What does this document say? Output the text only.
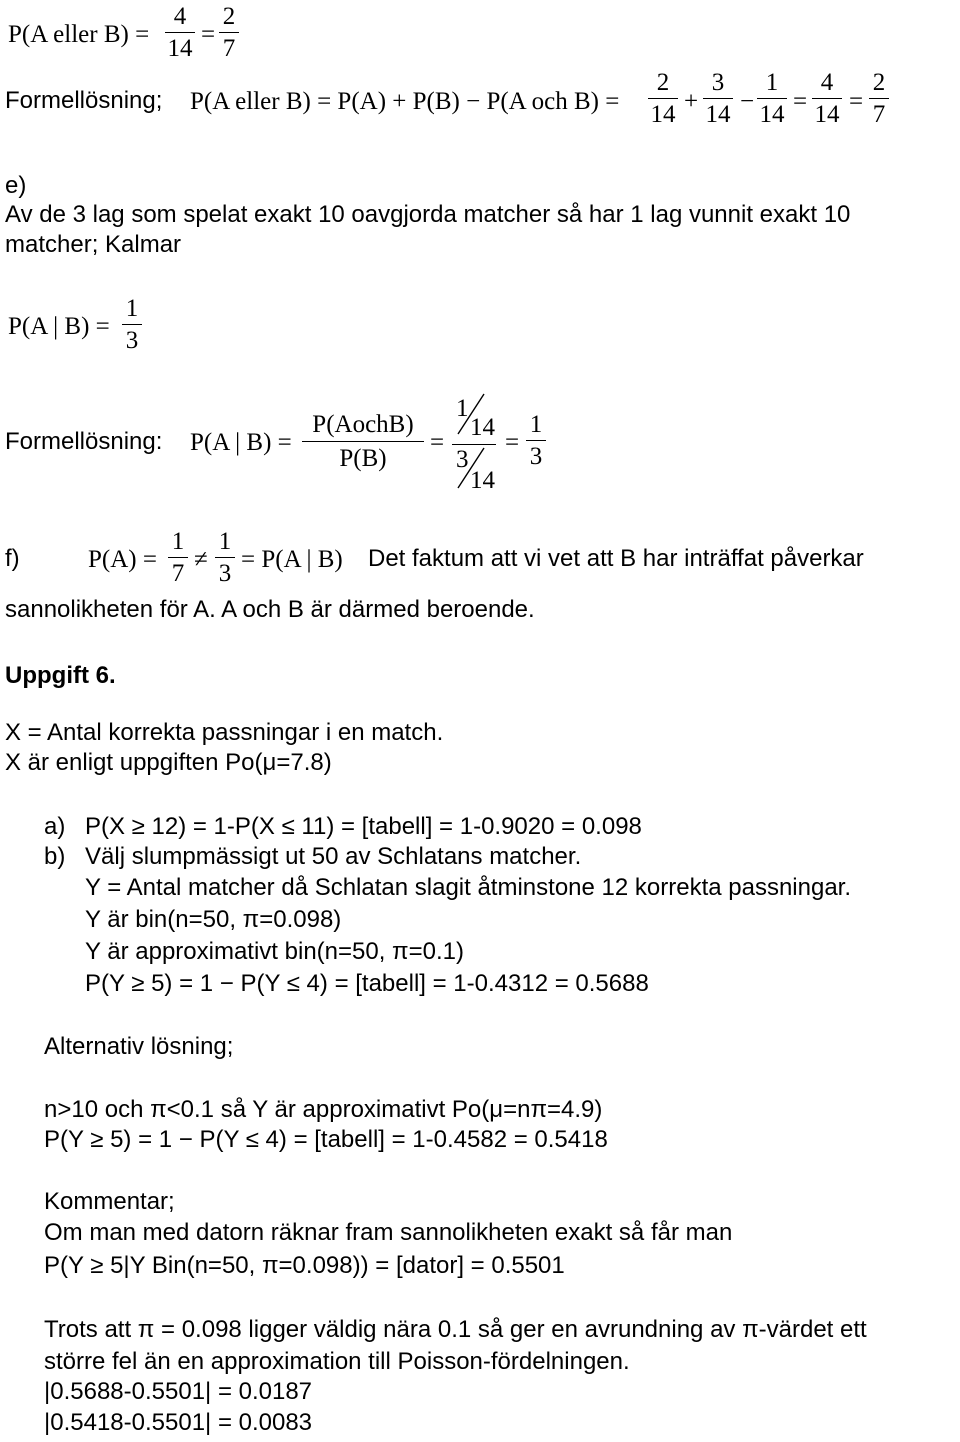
P(A eller $B) = \frac{4}{14} = \frac{2}{7}$
Formellösning; P(A eller B) = P(A) + P(B) − P(A och $B) = \frac{2}{14} + \frac{3}{14} - \frac{1}{14} = \frac{4}{14} = \frac{2}{7}$
e)
Av de 3 lag som spelat exakt 10 oavgjorda matcher så har 1 lag vunnit exakt 10
matcher; Kalmar
P(A | $B) = \frac{1}{3}$
Formellösning: P(A | B) =
P(AochB)
P(B)
=
1
14
3
14
= $\frac{1}{3}$
f)	$P(A) = \frac{1}{7} \ne \frac{1}{3} = P(A$ | B) Det faktum att vi vet att B har inträffat påverkar
sannolikheten för A. A och B är därmed beroende.
Uppgift 6.
X = Antal korrekta passningar i en match.
X är enligt uppgiften Po(μ=7.8)
a) P(X ≥ 12) = 1-P(X ≤ 11) = [tabell] = 1-0.9020 = 0.098
b) Välj slumpmässigt ut 50 av Schlatans matcher.
Y = Antal matcher då Schlatan slagit åtminstone 12 korrekta passningar.
Y är bin(n=50, π=0.098)
Y är approximativt bin(n=50, π=0.1)
P(Y ≥ 5) = 1 − P(Y ≤ 4) = [tabell] = 1-0.4312 = 0.5688
Alternativ lösning;
n>10 och π<0.1 så Y är approximativt Po(μ=nπ=4.9)
P(Y ≥ 5) = 1 − P(Y ≤ 4) = [tabell] = 1-0.4582 = 0.5418
Kommentar;
Om man med datorn räknar fram sannolikheten exakt så får man
P(Y ≥ 5|Y Bin(n=50, π=0.098)) = [dator] = 0.5501
Trots att π = 0.098 ligger väldig nära 0.1 så ger en avrundning av π-värdet ett
större fel än en approximation till Poisson-fördelningen.
|0.5688-0.5501| = 0.0187
|0.5418-0.5501| = 0.0083
